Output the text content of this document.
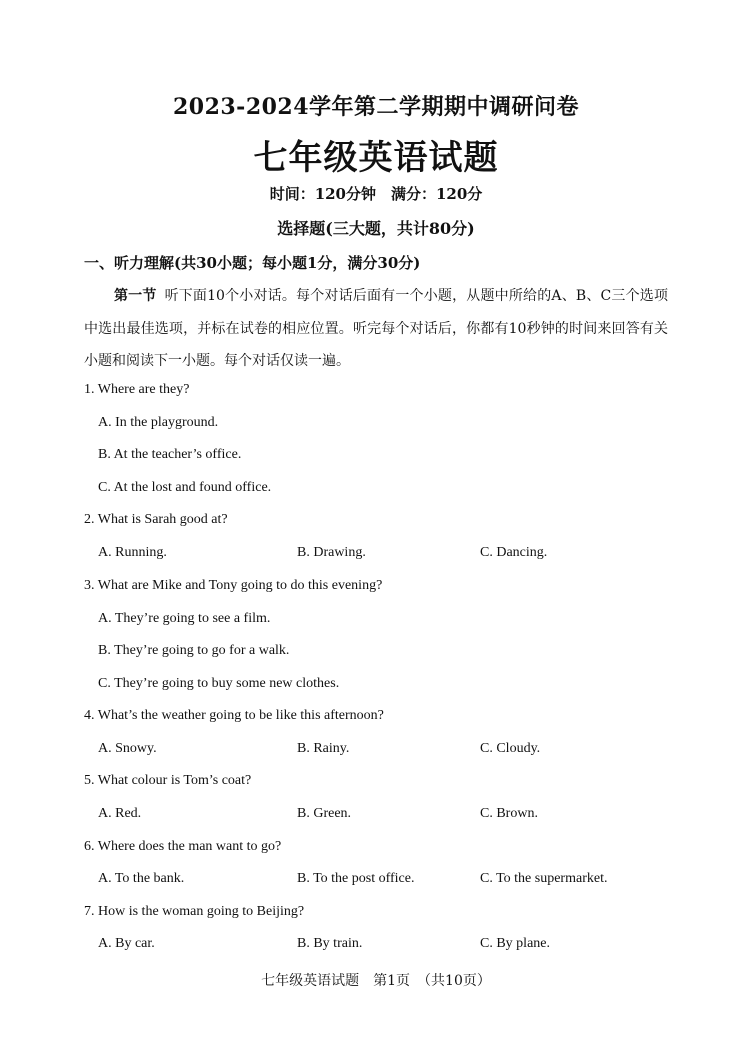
2023-2024学年第二学期期中调研问卷
七年级英语试题
时间：120分钟　满分：120分
选择题(三大题，共计80分)
一、听力理解(共30小题；每小题1分，满分30分)
第一节 听下面10个小对话。每个对话后面有一个小题，从题中所给的A、B、C三个选项中选出最佳选项，并标在试卷的相应位置。听完每个对话后，你都有10秒钟的时间来回答有关小题和阅读下一小题。每个对话仅读一遍。
1. Where are they?
A. In the playground.
B. At the teacher’s office.
C. At the lost and found office.
2. What is Sarah good at?
A. Running.	B. Drawing.	C. Dancing.
3. What are Mike and Tony going to do this evening?
A. They’re going to see a film.
B. They’re going to go for a walk.
C. They’re going to buy some new clothes.
4. What’s the weather going to be like this afternoon?
A. Snowy.	B. Rainy.	C. Cloudy.
5. What colour is Tom’s coat?
A. Red.	B. Green.	C. Brown.
6. Where does the man want to go?
A. To the bank.	B. To the post office.	C. To the supermarket.
7. How is the woman going to Beijing?
A. By car.	B. By train.	C. By plane.
七年级英语试题　第1页　（共10页）
